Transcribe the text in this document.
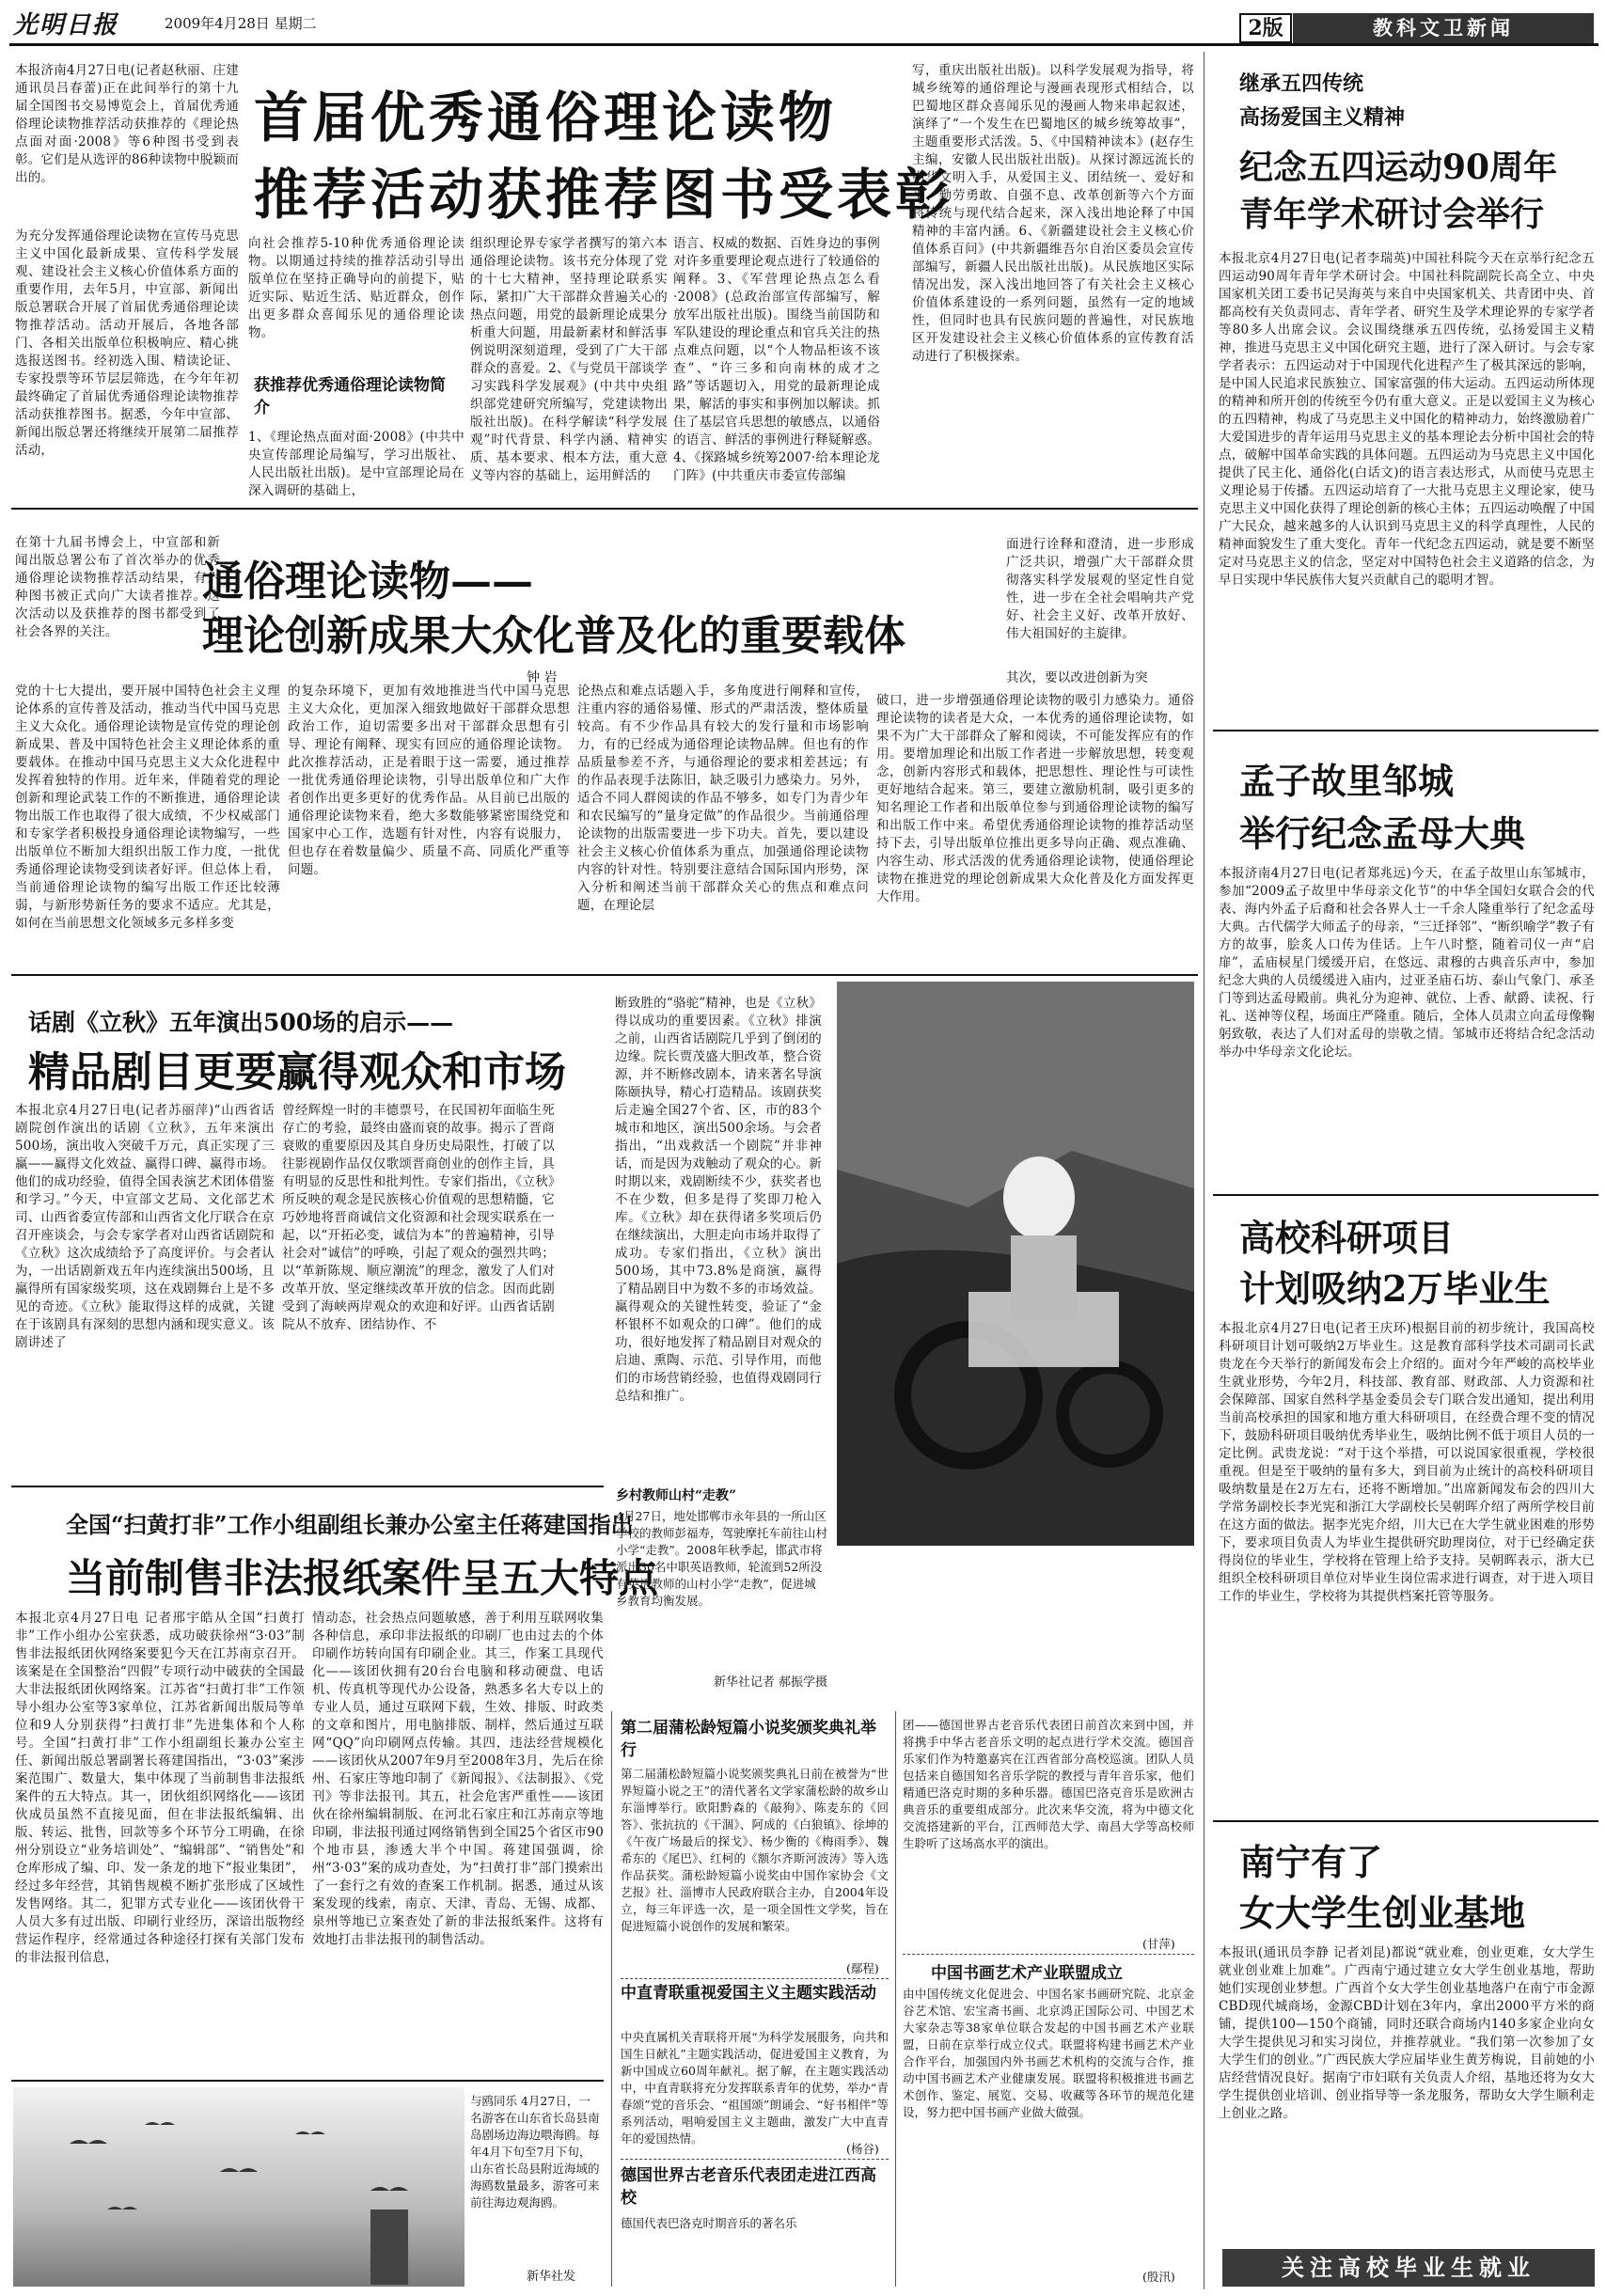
光明日报	2009年4月28日 星期二	2版	教科文卫新闻
首届优秀通俗理论读物
推荐活动获推荐图书受表彰
本报济南4月27日电(记者赵秋丽、庄建 通讯员吕春蕾)正在此间举行的第十九届全国图书交易博览会上，首届优秀通俗理论读物推荐活动获推荐的《理论热点面对面·2008》等6种图书受到表彰。它们是从选评的86种读物中脱颖而出的。
为充分发挥通俗理论读物在宣传马克思主义中国化最新成果、宣传科学发展观、建设社会主义核心价值体系方面的重要作用，去年5月，中宣部、新闻出版总署联合开展了首届优秀通俗理论读物推荐活动。活动开展后，各地各部门、各相关出版单位积极响应、精心挑选报送图书。经初选入围、精读论证、专家投票等环节层层筛选，在今年年初最终确定了首届优秀通俗理论读物推荐活动获推荐图书。据悉，今年中宣部、新闻出版总署还将继续开展第二届推荐活动，
向社会推荐5-10种优秀通俗理论读物。以期通过持续的推荐活动引导出版单位在坚持正确导向的前提下，贴近实际、贴近生活、贴近群众，创作出更多群众喜闻乐见的通俗理论读物。
获推荐优秀通俗理论读物简介
1、《理论热点面对面·2008》(中共中央宣传部理论局编写，学习出版社、人民出版社出版)。是中宣部理论局在深入调研的基础上，
组织理论界专家学者撰写的第六本通俗理论读物。该书充分体现了党的十七大精神，坚持理论联系实际，紧扣广大干部群众普遍关心的热点问题，用党的最新理论成果分析重大问题，用最新素材和鲜活事例说明深刻道理，受到了广大干部群众的喜爱。2、《与党员干部谈学习实践科学发展观》(中共中央组织部党建研究所编写，党建读物出版社出版)。在科学解读“科学发展观”时代背景、科学内涵、精神实质、基本要求、根本方法，重大意义等内容的基础上，运用鲜活的
语言、权威的数据、百姓身边的事例对许多重要理论观点进行了较通俗的阐释。3、《军营理论热点怎么看·2008》(总政治部宣传部编写，解放军出版社出版)。围绕当前国防和军队建设的理论重点和官兵关注的热点难点问题，以“个人物品柜该不该查”、“许三多和向南林的成才之路”等话题切入，用党的最新理论成果，解活的事实和事例加以解读。抓住了基层官兵思想的敏感点，以通俗的语言、鲜活的事例进行释疑解惑。4、《探路城乡统筹2007·给本理论龙门阵》(中共重庆市委宣传部编
写，重庆出版社出版)。以科学发展观为指导，将城乡统筹的通俗理论与漫画表现形式相结合，以巴蜀地区群众喜闻乐见的漫画人物来串起叙述，演绎了“一个发生在巴蜀地区的城乡统筹故事”，主题重要形式活泼。5、《中国精神读本》(赵存生主编，安徽人民出版社出版)。从探讨源远流长的中华文明入手，从爱国主义、团结统一、爱好和平、勤劳勇敢、自强不息、改革创新等六个方面将传统与现代结合起来，深入浅出地论释了中国精神的丰富内涵。6、《新疆建设社会主义核心价值体系百问》(中共新疆维吾尔自治区委员会宣传部编写，新疆人民出版社出版)。从民族地区实际情况出发，深入浅出地回答了有关社会主义核心价值体系建设的一系列问题，虽然有一定的地域性，但同时也具有民族问题的普遍性，对民族地区开发建设社会主义核心价值体系的宣传教育活动进行了积极探索。
在第十九届书博会上，中宣部和新闻出版总署公布了首次举办的优秀通俗理论读物推荐活动结果，有六种图书被正式向广大读者推荐。这次活动以及获推荐的图书都受到了社会各界的关注。
通俗理论读物——
理论创新成果大众化普及化的重要载体
钟 岩
面进行诠释和澄清，进一步形成广泛共识，增强广大干部群众贯彻落实科学发展观的坚定性自觉性，进一步在全社会唱响共产党好、社会主义好、改革开放好、伟大祖国好的主旋律。
党的十七大提出，要开展中国特色社会主义理论体系的宣传普及活动，推动当代中国马克思主义大众化。通俗理论读物是宣传党的理论创新成果、普及中国特色社会主义理论体系的重要载体。在推动中国马克思主义大众化进程中发挥着独特的作用。近年来，伴随着党的理论创新和理论武装工作的不断推进，通俗理论读物出版工作也取得了很大成绩，不少权威部门和专家学者积极投身通俗理论读物编写，一些出版单位不断加大组织出版工作力度，一批优秀通俗理论读物受到读者好评。但总体上看，当前通俗理论读物的编写出版工作还比较薄弱，与新形势新任务的要求不适应。尤其是，如何在当前思想文化领域多元多样多变
的复杂环境下，更加有效地推进当代中国马克思主义大众化，更加深入细致地做好干部群众思想政治工作，迫切需要多出对干部群众思想有引导、理论有阐释、现实有回应的通俗理论读物。此次推荐活动，正是着眼于这一需要，通过推荐一批优秀通俗理论读物，引导出版单位和广大作者创作出更多更好的优秀作品。从目前已出版的通俗理论读物来看，绝大多数能够紧密围绕党和国家中心工作，选题有针对性，内容有说服力，但也存在着数量偏少、质量不高、同质化严重等问题。
论热点和难点话题入手，多角度进行阐释和宣传，注重内容的通俗易懂、形式的严肃活泼，整体质量较高。有不少作品具有较大的发行量和市场影响力，有的已经成为通俗理论读物品牌。但也有的作品质量参差不齐，与通俗理论的要求相差甚远；有的作品表现手法陈旧，缺乏吸引力感染力。另外，适合不同人群阅读的作品不够多，如专门为青少年和农民编写的“量身定做”的作品很少。当前通俗理论读物的出版需要进一步下功夫。首先，要以建设社会主义核心价值体系为重点，加强通俗理论读物内容的针对性。特别要注意结合国际国内形势，深入分析和阐述当前干部群众关心的焦点和难点问题，在理论层
其次，要以改进创新为突
破口，进一步增强通俗理论读物的吸引力感染力。通俗理论读物的读者是大众，一本优秀的通俗理论读物，如果不为广大干部群众了解和阅读，不可能发挥应有的作用。要增加理论和出版工作者进一步解放思想，转变观念，创新内容形式和载体，把思想性、理论性与可读性更好地结合起来。第三，要建立激励机制，吸引更多的知名理论工作者和出版单位参与到通俗理论读物的编写和出版工作中来。希望优秀通俗理论读物的推荐活动坚持下去，引导出版单位推出更多导向正确、观点准确、内容生动、形式活泼的优秀通俗理论读物，使通俗理论读物在推进党的理论创新成果大众化普及化方面发挥更大作用。
话剧《立秋》五年演出500场的启示——
精品剧目更要赢得观众和市场
本报北京4月27日电(记者苏丽萍)“山西省话剧院创作演出的话剧《立秋》，五年来演出500场，演出收入突破千万元，真正实现了三赢——赢得文化效益、赢得口碑、赢得市场。他们的成功经验，值得全国表演艺术团体借鉴和学习。”今天，中宣部文艺局、文化部艺术司、山西省委宣传部和山西省文化厅联合在京召开座谈会，与会专家学者对山西省话剧院和《立秋》这次成绩给予了高度评价。与会者认为，一出话剧新戏五年内连续演出500场，且赢得所有国家级奖项，这在戏剧舞台上是不多见的奇迹。《立秋》能取得这样的成就，关键在于该剧具有深刻的思想内涵和现实意义。该剧讲述了
曾经辉煌一时的丰德票号，在民国初年面临生死存亡的考验，最终由盛而衰的故事。揭示了晋商衰败的重要原因及其自身历史局限性，打破了以往影视剧作品仅仅歌颂晋商创业的创作主旨，具有明显的反思性和批判性。专家们指出，《立秋》所反映的观念是民族核心价值观的思想精髓，它巧妙地将晋商诚信文化资源和社会现实联系在一起，以“开拓必变，诚信为本”的普遍精神，引导社会对“诚信”的呼唤，引起了观众的强烈共鸣；以“革新陈规、顺应潮流”的理念，激发了人们对改革开放、坚定继续改革开放的信念。因而此剧受到了海峡两岸观众的欢迎和好评。山西省话剧院从不放弃、团结协作、不
断致胜的“骆驼”精神，也是《立秋》得以成功的重要因素。《立秋》排演之前，山西省话剧院几乎到了倒闭的边缘。院长贾茂盛大胆改革，整合资源，并不断修改剧本，请来著名导演陈颐执导，精心打造精品。该剧获奖后走遍全国27个省、区，市的83个城市和地区，演出500余场。与会者指出，“出戏救活一个剧院”并非神话，而是因为戏触动了观众的心。新时期以来，戏剧断续不少，获奖者也不在少数，但多是得了奖即刀枪入库。《立秋》却在获得诸多奖项后仍在继续演出，大胆走向市场并取得了成功。专家们指出，《立秋》演出500场，其中73.8%是商演，赢得了精品剧目中为数不多的市场效益。赢得观众的关键性转变，验证了“金杯银杯不如观众的口碑”。他们的成功，很好地发挥了精品剧目对观众的启迪、熏陶、示范、引导作用，而他们的市场营销经验，也值得戏剧同行总结和推广。
乡村教师山村“走教”
4月27日，地处邯郸市永年县的一所山区学校的教师彭福寿，驾驶摩托车前往山村小学“走教”。2008年秋季起，邯武市将派出30名中职英语教师，轮流到52所没有英语教师的山村小学“走教”，促进城乡教育均衡发展。
新华社记者 郝振学摄
全国“扫黄打非”工作小组副组长兼办公室主任蒋建国指出
当前制售非法报纸案件呈五大特点
本报北京4月27日电 记者邢宇皓从全国“扫黄打非”工作小组办公室获悉，成功破获徐州“3·03”制售非法报纸团伙网络案要犯今天在江苏南京召开。该案是在全国整治“四假”专项行动中破获的全国最大非法报纸团伙网络案。江苏省“扫黄打非”工作领导小组办公室等3家单位，江苏省新闻出版局等单位和9人分别获得“扫黄打非”先进集体和个人称号。全国“扫黄打非”工作小组副组长兼办公室主任、新闻出版总署副署长蒋建国指出，“3·03”案涉案范围广、数量大，集中体现了当前制售非法报纸案件的五大特点。其一，团伙组织网络化——该团伙成员虽然不直接见面，但在非法报纸编辑、出版、转运、批售，回款等多个环节分工明确，在徐州分别设立“业务培训处”、“编辑部”、“销售处”和仓库形成了编、印、发一条龙的地下“报业集团”，经过多年经营，其销售规模不断扩张形成了区域性发售网络。其二，犯罪方式专业化——该团伙骨干人员大多有过出版、印刷行业经历，深谙出版物经营运作程序，经常通过各种途径打探有关部门发布的非法报刊信息，
情动态，社会热点问题敏感，善于利用互联网收集各种信息，承印非法报纸的印刷厂也由过去的个体印刷作坊转向国有印刷企业。其三，作案工具现代化——该团伙拥有20台台电脑和移动硬盘、电话机、传真机等现代办公设备，熟悉多名大专以上的专业人员，通过互联网下载，生效、排版、时政类的文章和图片，用电脑排版、制样，然后通过互联网“QQ”向印刷网点传输。其四，违法经营规模化——该团伙从2007年9月至2008年3月，先后在徐州、石家庄等地印制了《新闻报》、《法制报》、《党刊》等非法报刊。其五，社会危害严重性——该团伙在徐州编辑制版、在河北石家庄和江苏南京等地印刷，非法报刊通过网络销售到全国25个省区市90个地市县，渗透大半个中国。蒋建国强调，徐州“3·03”案的成功查处，为“扫黄打非”部门摸索出了一套行之有效的查案工作机制。据悉，通过从该案发现的线索，南京、天津、青岛、无锡、成都、泉州等地已立案查处了新的非法报纸案件。这将有效地打击非法报刊的制售活动。
与鸥同乐 4月27日，一名游客在山东省长岛县南岛剧场边海边喂海鸥。每年4月下旬至7月下旬，山东省长岛县附近海域的海鸥数量最多，游客可来前往海边观海鸥。
新华社发
第二届蒲松龄短篇小说奖颁奖典礼举行
第二届蒲松龄短篇小说奖颁奖典礼日前在被誉为“世界短篇小说之王”的清代著名文学家蒲松龄的故乡山东淄博举行。欧阳黔森的《敲狗》、陈麦东的《回答》、张抗抗的《干涸》、阿成的《白狼镇》、徐坤的《午夜广场最后的探戈》、杨少衡的《梅雨季》、魏希东的《尾巴》、红柯的《额尔齐斯河波涛》等入选作品获奖。蒲松龄短篇小说奖由中国作家协会《文艺报》社、淄博市人民政府联合主办，自2004年设立，每三年评选一次，是一项全国性文学奖，旨在促进短篇小说创作的发展和繁荣。
(鄢程)
中直青联重视爱国主义主题实践活动
中央直属机关青联将开展“为科学发展服务，向共和国生日献礼”主题实践活动，促进爱国主义教育，为新中国成立60周年献礼。据了解，在主题实践活动中，中直青联将充分发挥联系青年的优势，举办“青春颂”党的音乐会、“祖国颂”朗诵会、“好书相伴”等系列活动，唱响爱国主义主题曲，激发广大中直青年的爱国热情。
(杨谷)
德国世界古老音乐代表团走进江西高校
德国代表巴洛克时期音乐的著名乐
团——德国世界古老音乐代表团日前首次来到中国，并将携手中华古老音乐文明的起点进行学术交流。德国音乐家们作为特邀嘉宾在江西省部分高校巡演。团队人员包括来自德国知名音乐学院的教授与青年音乐家，他们精通巴洛克时期的多种乐器。德国巴洛克音乐是欧洲古典音乐的重要组成部分。此次来华交流，将为中德文化交流搭建新的平台，江西师范大学、南昌大学等高校师生聆听了这场高水平的演出。
(甘萍)
中国书画艺术产业联盟成立
由中国传统文化促进会、中国名家书画研究院、北京金谷艺术馆、宏宝斋书画、北京鸿正国际公司、中国艺术大家杂志等38家单位联合发起的中国书画艺术产业联盟，日前在京举行成立仪式。联盟将构建书画艺术产业合作平台，加强国内外书画艺术机构的交流与合作，推动中国书画艺术产业健康发展。联盟将积极推进书画艺术创作、鉴定、展览、交易、收藏等各环节的规范化建设，努力把中国书画产业做大做强。
(殷汛)
继承五四传统
高扬爱国主义精神
纪念五四运动90周年
青年学术研讨会举行
本报北京4月27日电(记者李瑞英)中国社科院今天在京举行纪念五四运动90周年青年学术研讨会。中国社科院副院长高全立、中央国家机关团工委书记吴海英与来自中央国家机关、共青团中央、首都高校有关负责同志、青年学者、研究生及学术理论界的专家学者等80多人出席会议。会议围绕继承五四传统，弘扬爱国主义精神，推进马克思主义中国化研究主题，进行了深入研讨。与会专家学者表示：五四运动对于中国现代化进程产生了极其深远的影响，是中国人民追求民族独立、国家富强的伟大运动。五四运动所体现的精神和所开创的传统至今仍有重大意义。正是以爱国主义为核心的五四精神，构成了马克思主义中国化的精神动力，始终激励着广大爱国进步的青年运用马克思主义的基本理论去分析中国社会的特点，破解中国革命实践的具体问题。五四运动为马克思主义中国化提供了民主化、通俗化(白话文)的语言表达形式，从而使马克思主义理论易于传播。五四运动培育了一大批马克思主义理论家，使马克思主义中国化获得了理论创新的核心主体；五四运动唤醒了中国广大民众，越来越多的人认识到马克思主义的科学真理性，人民的精神面貌发生了重大变化。青年一代纪念五四运动，就是要不断坚定对马克思主义的信念，坚定对中国特色社会主义道路的信念，为早日实现中华民族伟大复兴贡献自己的聪明才智。
孟子故里邹城
举行纪念孟母大典
本报济南4月27日电(记者郑兆远)今天，在孟子故里山东邹城市，参加“2009孟子故里中华母亲文化节”的中华全国妇女联合会的代表、海内外孟子后裔和社会各界人士一千余人隆重举行了纪念孟母大典。古代儒学大师孟子的母亲，“三迁择邻”、“断织喻学”教子有方的故事，脍炙人口传为佳话。上午八时整，随着司仪一声“启扉”，孟庙棂星门缓缓开启，在悠远、肃穆的古典音乐声中，参加纪念大典的人员缓缓进入庙内，过亚圣庙石坊、泰山气象门、承圣门等到达孟母殿前。典礼分为迎神、就位、上香、献爵、读祝、行礼、送神等仪程，场面庄严隆重。随后，全体人员肃立向孟母像鞠躬致敬，表达了人们对孟母的崇敬之情。邹城市还将结合纪念活动举办中华母亲文化论坛。
高校科研项目
计划吸纳2万毕业生
本报北京4月27日电(记者王庆环)根据目前的初步统计，我国高校科研项目计划可吸纳2万毕业生。这是教育部科学技术司副司长武贵龙在今天举行的新闻发布会上介绍的。面对今年严峻的高校毕业生就业形势，今年2月，科技部、教育部、财政部、人力资源和社会保障部、国家自然科学基金委员会专门联合发出通知，提出利用当前高校承担的国家和地方重大科研项目，在经费合理不变的情况下，鼓励科研项目吸纳优秀毕业生，吸纳比例不低于项目人员的一定比例。武贵龙说：“对于这个举措，可以说国家很重视，学校很重视。但是至于吸纳的量有多大，到目前为止统计的高校科研项目吸纳数量是在2万左右，还将不断增加。”出席新闻发布会的四川大学常务副校长李光宪和浙江大学副校长吴朝晖介绍了两所学校目前在这方面的做法。据李光宪介绍，川大已在大学生就业困难的形势下，要求项目负责人为毕业生提供研究助理岗位，对于已经确定获得岗位的毕业生，学校将在管理上给予支持。吴朝晖表示，浙大已组织全校科研项目单位对毕业生岗位需求进行调查，对于进入项目工作的毕业生，学校将为其提供档案托管等服务。
南宁有了
女大学生创业基地
本报讯(通讯员李静 记者刘昆)都说“就业难，创业更难，女大学生就业创业难上加难”。广西南宁通过建立女大学生创业基地，帮助她们实现创业梦想。广西首个女大学生创业基地落户在南宁市金源CBD现代城商场，金源CBD计划在3年内，拿出2000平方米的商铺，提供100—150个商铺，同时还联合商场内140多家企业向女大学生提供见习和实习岗位，并推荐就业。“我们第一次参加了女大学生们的创业。”广西民族大学应届毕业生黄芳梅说，目前她的小店经营情况良好。据南宁市妇联有关负责人介绍，基地还将为女大学生提供创业培训、创业指导等一条龙服务，帮助女大学生顺利走上创业之路。
关注高校毕业生就业
